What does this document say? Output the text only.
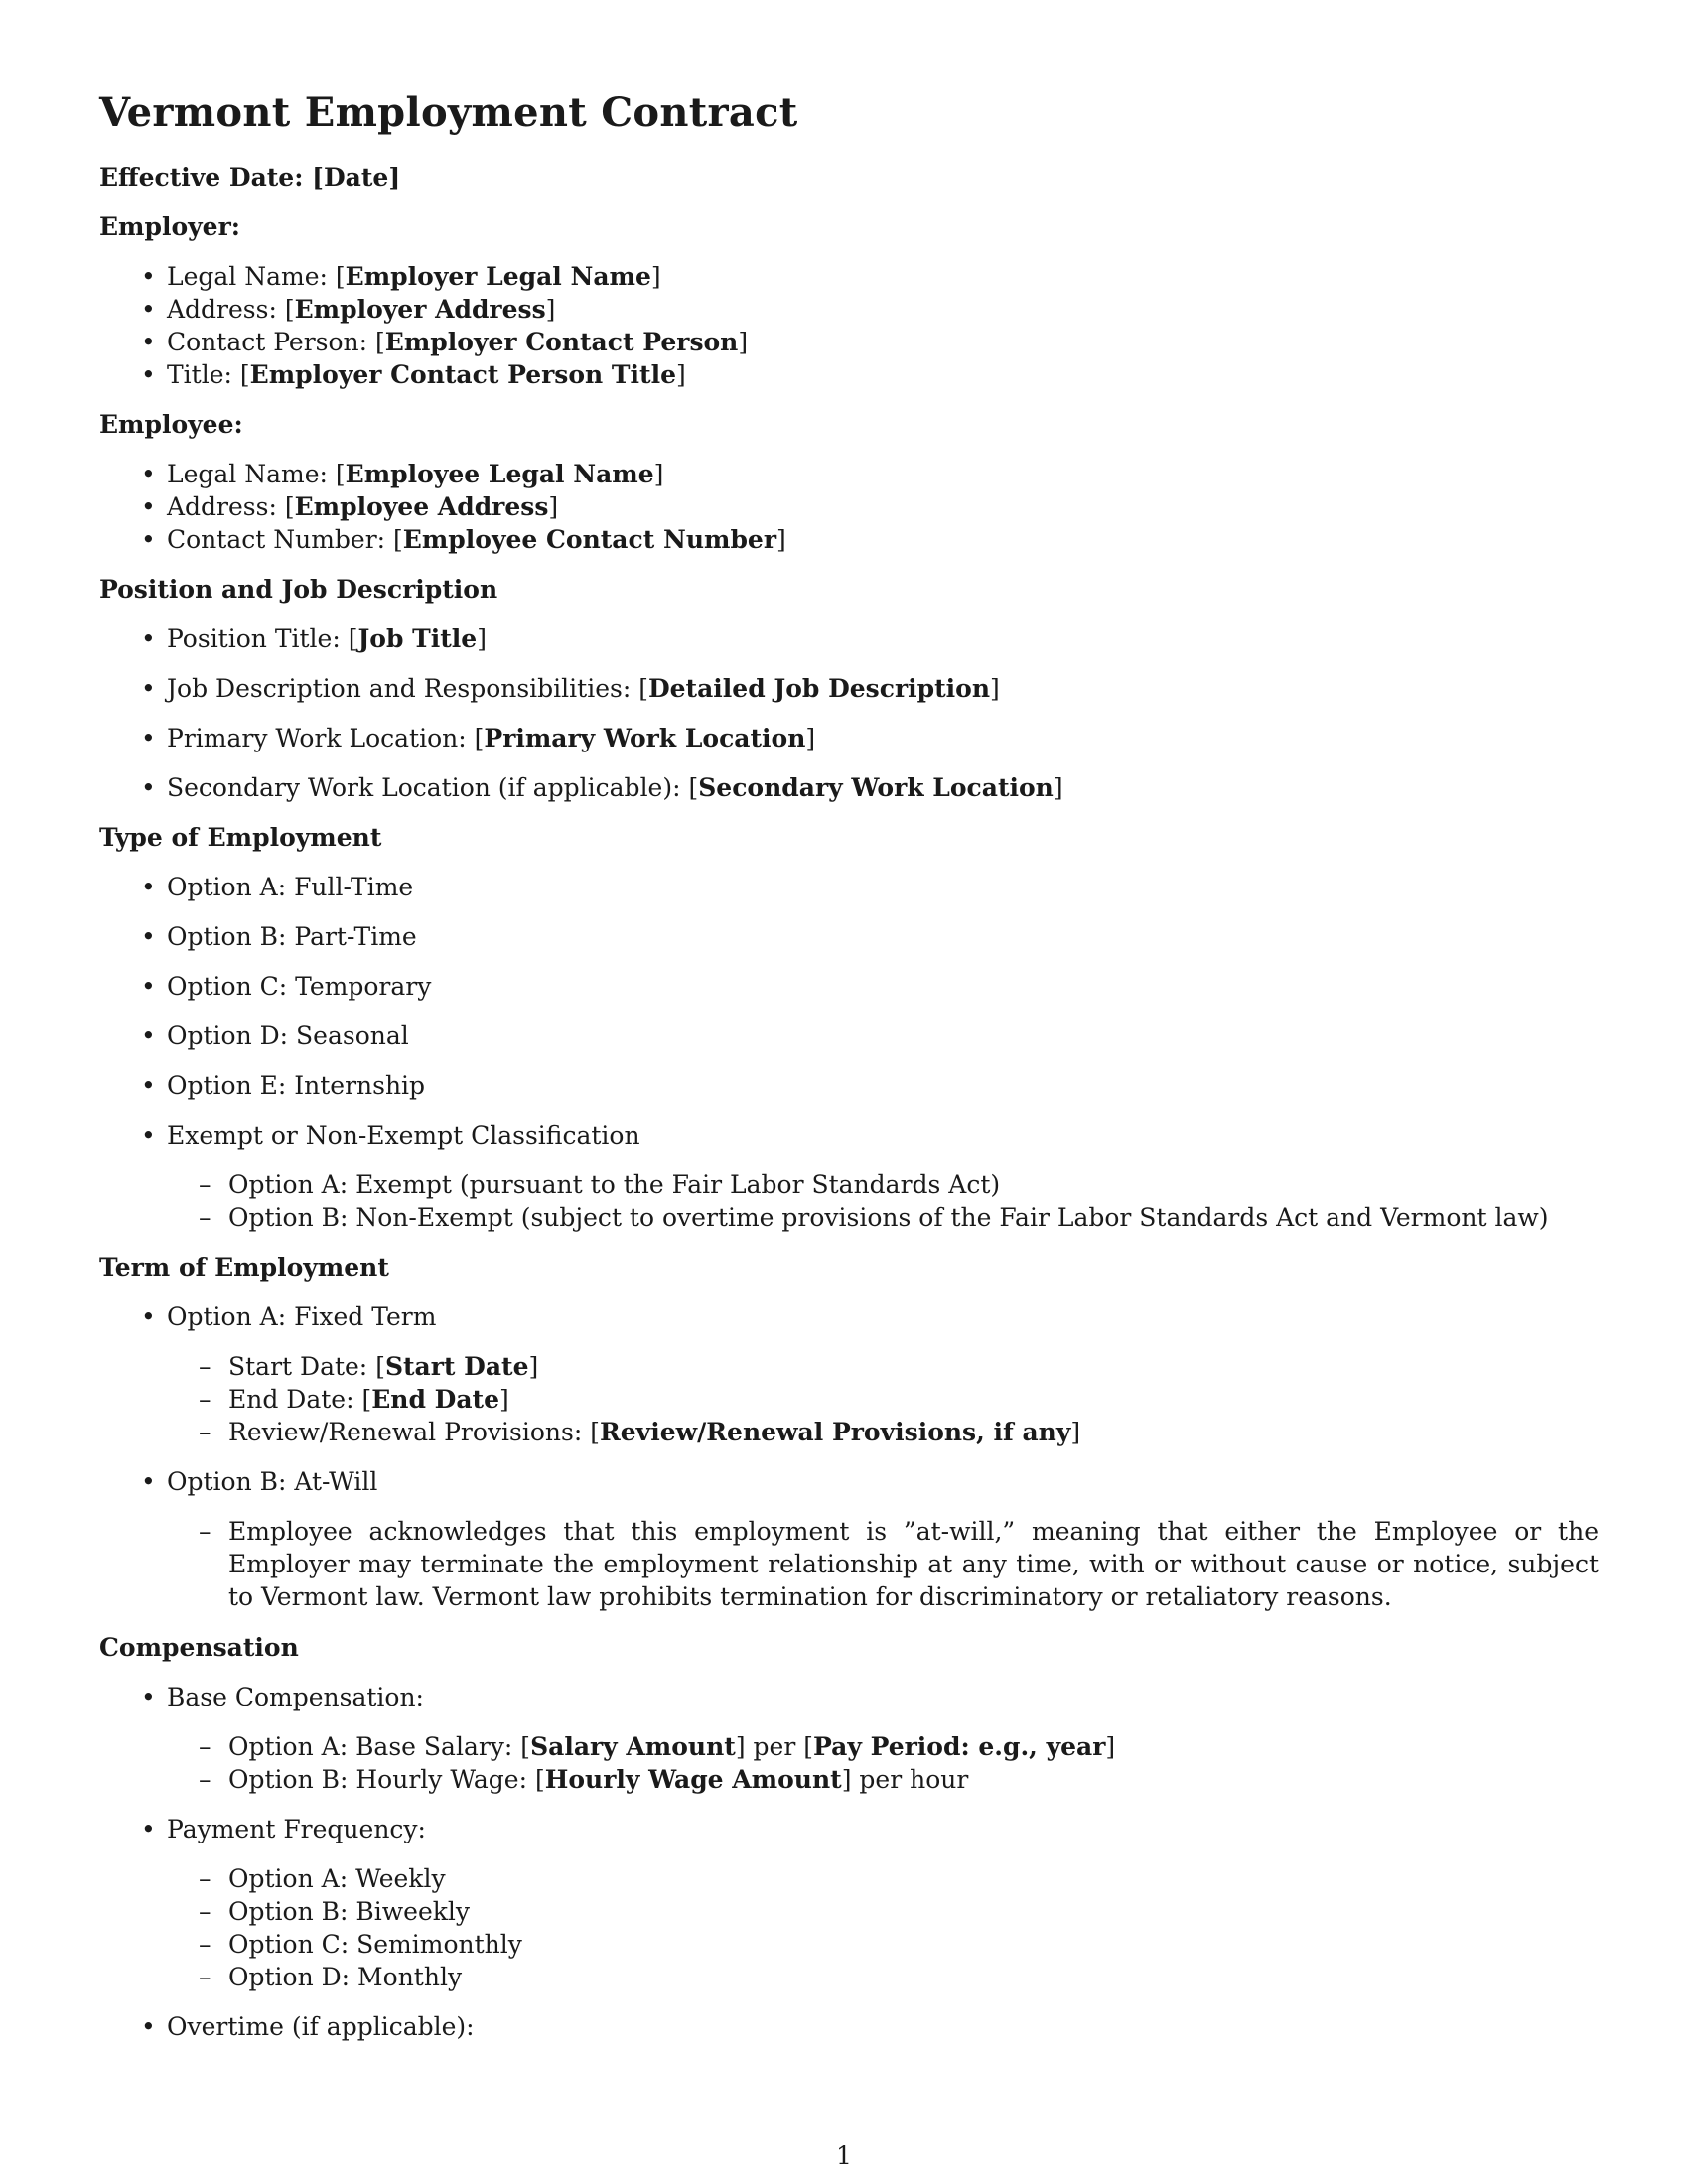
Vermont Employment Contract
Effective Date: [Date]
Employer:
• Legal Name: [Employer Legal Name]
• Address: [Employer Address]
• Contact Person: [Employer Contact Person]
• Title: [Employer Contact Person Title]
Employee:
• Legal Name: [Employee Legal Name]
• Address: [Employee Address]
• Contact Number: [Employee Contact Number]
Position and Job Description
• Position Title: [Job Title]
• Job Description and Responsibilities: [Detailed Job Description]
• Primary Work Location: [Primary Work Location]
• Secondary Work Location (if applicable): [Secondary Work Location]
Type of Employment
• Option A: Full-Time
• Option B: Part-Time
• Option C: Temporary
• Option D: Seasonal
• Option E: Internship
• Exempt or Non-Exempt Classification
– Option A: Exempt (pursuant to the Fair Labor Standards Act)
– Option B: Non-Exempt (subject to overtime provisions of the Fair Labor Standards Act and Vermont law)
Term of Employment
• Option A: Fixed Term
– Start Date: [Start Date]
– End Date: [End Date]
– Review/Renewal Provisions: [Review/Renewal Provisions, if any]
• Option B: At-Will
– Employee acknowledges that this employment is ”at-will,” meaning that either the Employee or the Employer may terminate the employment relationship at any time, with or without cause or notice, subject to Vermont law. Vermont law prohibits termination for discriminatory or retaliatory reasons.
Compensation
• Base Compensation:
– Option A: Base Salary: [Salary Amount] per [Pay Period: e.g., year]
– Option B: Hourly Wage: [Hourly Wage Amount] per hour
• Payment Frequency:
– Option A: Weekly
– Option B: Biweekly
– Option C: Semimonthly
– Option D: Monthly
• Overtime (if applicable):
1
